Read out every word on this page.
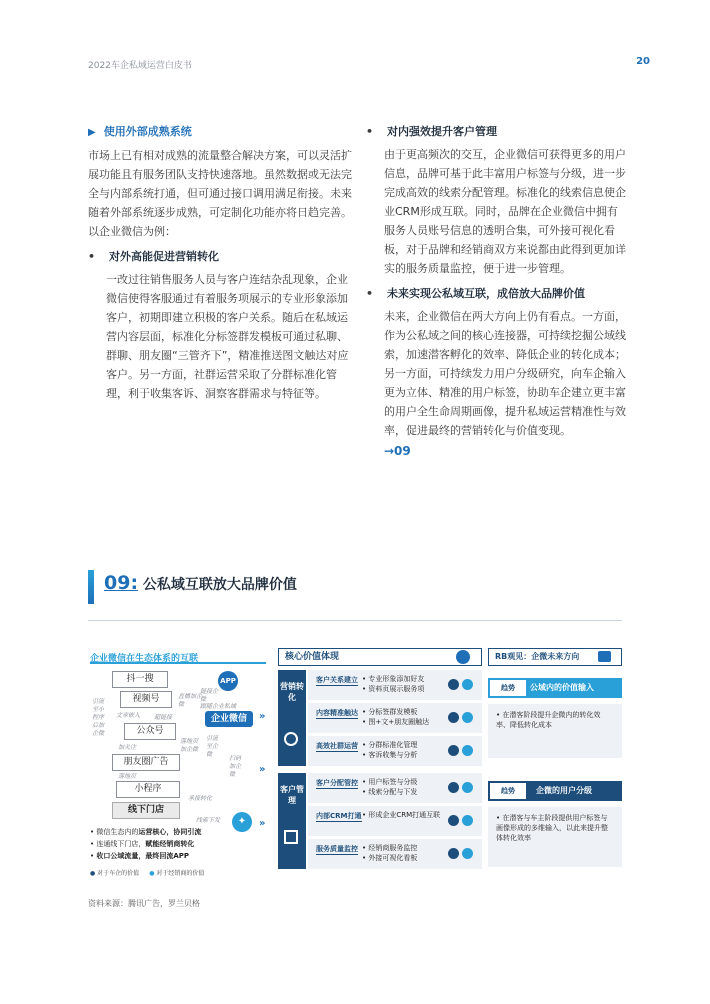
2022车企私域运营白皮书	20
▶ 使用外部成熟系统
市场上已有相对成熟的流量整合解决方案，可以灵活扩展功能且有服务团队支持快速落地。虽然数据或无法完全与内部系统打通，但可通过接口调用满足衔接。未来随着外部系统逐步成熟，可定制化功能亦将日趋完善。以企业微信为例：
•	对外高能促进营销转化
一改过往销售服务人员与客户连结杂乱现象，企业微信使得客服通过有着服务项展示的专业形象添加客户，初期即建立积极的客户关系。随后在私域运营内容层面，标准化分标签群发模板可通过私聊、群聊、朋友圈“三管齐下”，精准推送图文触达对应客户。另一方面，社群运营采取了分群标准化管理，利于收集客诉、洞察客群需求与特征等。
•	对内强效提升客户管理
由于更高频次的交互，企业微信可获得更多的用户信息，品牌可基于此丰富用户标签与分级，进一步完成高效的线索分配管理。标准化的线索信息使企业CRM形成互联。同时，品牌在企业微信中拥有服务人员账号信息的透明合集，可外接可视化看板，对于品牌和经销商双方来说都由此得到更加详实的服务质量监控，便于进一步管理。
•	未来实现公私域互联，成倍放大品牌价值
未来，企业微信在两大方向上仍有看点。一方面，作为公私域之间的核心连接器，可持续挖掘公域线索，加速潜客孵化的效率、降低企业的转化成本；另一方面，可持续发力用户分级研究，向车企输入更为立体、精准的用户标签，协助车企建立更丰富的用户全生命周期画像，提升私域运营精准性与效率，促进最终的营销转化与价值变现。
→09
09: 公私域互联放大品牌价值
企业微信在生态体系的互联
APP
抖一搜
视频号
公众号
朋友圈广告
小程序
线下门店
企业微信	»
»
»
文章嵌入 超链接
直播加企微
加关注
落地页
跟随企业私域
链接企微
落地页加企微
引流至企微
扫码加企微
承接转化
线索下发
引流至小程序后加企微
✦
• 微信生态内的运营核心，协同引流
• 连通线下门店，赋能经销商转化
• 收口公域流量，最终回流APP
● 对于车企的价值 ● 对于经销商的价值
核心价值体现
营销转化
客户管理
客户关系建立 • 专业形象添加好友
• 资料页展示服务项
内容精准触达 • 分标签群发模板
• 图+文+朋友圈触达
高效社群运营 • 分群标准化管理
• 客诉收集与分析
客户分配管控 • 用户标签与分级
• 线索分配与下发
内部CRM打通 • 形成企业CRM打通互联
服务质量监控 • 经销商服务监控
• 外接可视化看板
RB观见：企微未来方向
趋势	公域内的价值输入
• 在潜客阶段提升企微内的转化效率、降低转化成本
趋势	企微的用户分级
• 在潜客与车主阶段提供用户标签与画像形成的多维输入，以此来提升整体转化效率
资料来源：腾讯广告，罗兰贝格
